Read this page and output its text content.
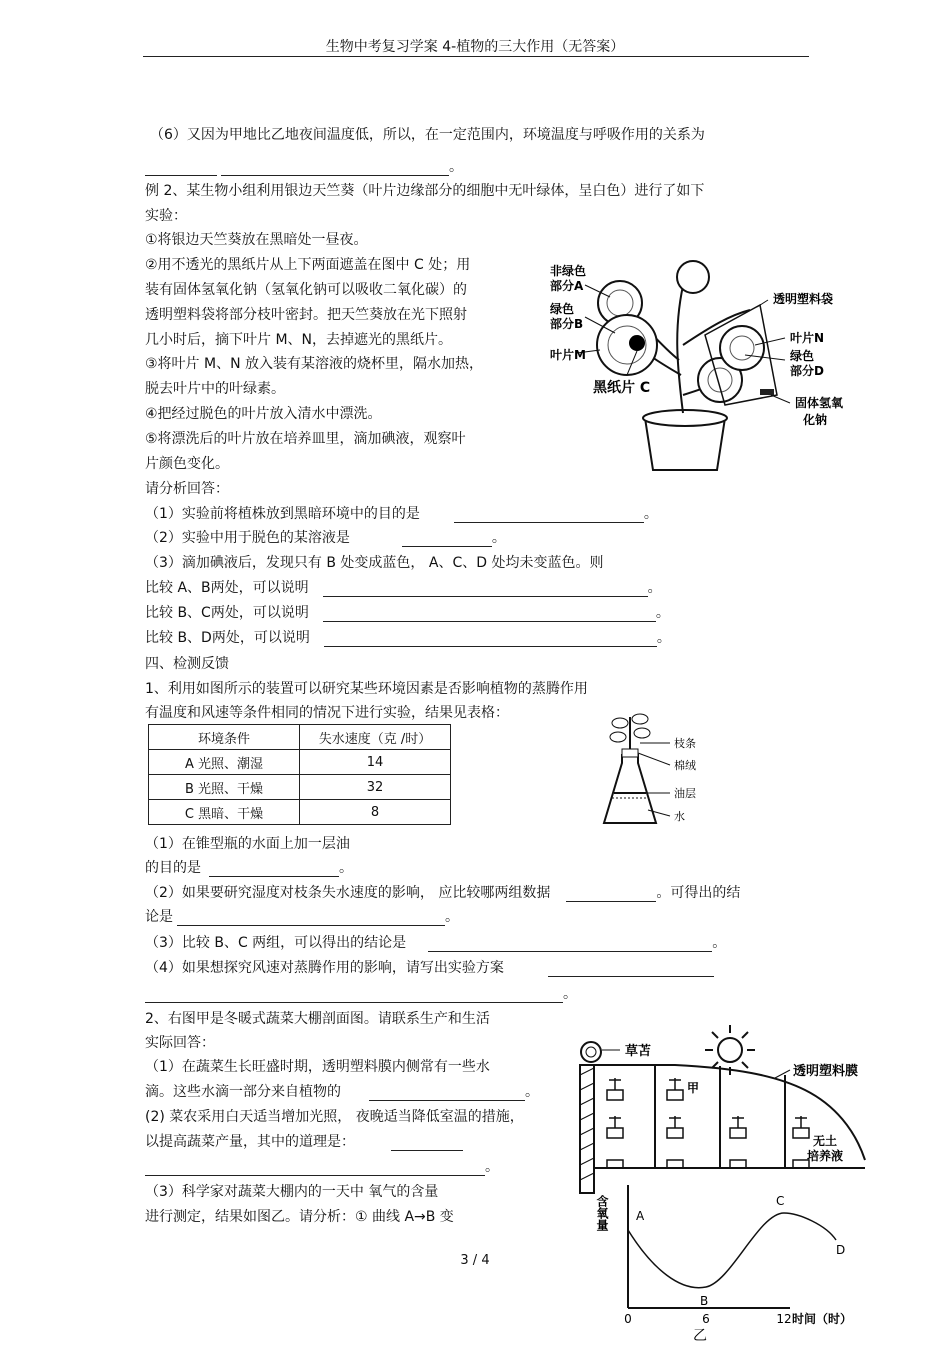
生物中考复习学案 4-植物的三大作用（无答案）
（6）又因为甲地比乙地夜间温度低，所以，在一定范围内，环境温度与呼吸作用的关系为
。
例 2、某生物小组利用银边天竺葵（叶片边缘部分的细胞中无叶绿体，呈白色）进行了如下
实验：
①将银边天竺葵放在黑暗处一昼夜。
②用不透光的黑纸片从上下两面遮盖在图中 C 处；用
装有固体氢氧化钠（氢氧化钠可以吸收二氧化碳）的
透明塑料袋将部分枝叶密封。把天竺葵放在光下照射
几小时后，摘下叶片 M、N，去掉遮光的黑纸片。
③将叶片 M、N 放入装有某溶液的烧杯里，隔水加热，
脱去叶片中的叶绿素。
④把经过脱色的叶片放入清水中漂洗。
⑤将漂洗后的叶片放在培养皿里，滴加碘液，观察叶
片颜色变化。
请分析回答：
（1）实验前将植株放到黑暗环境中的目的是	。
（2）实验中用于脱色的某溶液是	。
（3）滴加碘液后，发现只有 B 处变成蓝色， A、C、D 处均未变蓝色。则
比较 A、B两处，可以说明	。
比较 B、C两处，可以说明	。
比较 B、D两处，可以说明	。
非绿色
部分A
绿色
部分B
叶片M
黑纸片 C
透明塑料袋
叶片N
绿色
部分D
固体氢氧
化钠
四、检测反馈
1、利用如图所示的装置可以研究某些环境因素是否影响植物的蒸腾作用
有温度和风速等条件相同的情况下进行实验，结果见表格：
环境条件	失水速度（克 /时）
A 光照、潮湿	14
B 光照、干燥	32
C 黑暗、干燥	8
枝条
棉绒
油层
水
（1）在锥型瓶的水面上加一层油
的目的是	。
（2）如果要研究湿度对枝条失水速度的影响， 应比较哪两组数据	。可得出的结
论是	。
（3）比较 B、C 两组，可以得出的结论是	。
（4）如果想探究风速对蒸腾作用的影响，请写出实验方案
。
2、右图甲是冬暖式蔬菜大棚剖面图。请联系生产和生活
实际回答：
（1）在蔬菜生长旺盛时期，透明塑料膜内侧常有一些水
滴。这些水滴一部分来自植物的	。
(2) 菜农采用白天适当增加光照， 夜晚适当降低室温的措施，
以提高蔬菜产量，其中的道理是：
。
（3）科学家对蔬菜大棚内的一天中 氧气的含量
进行测定，结果如图乙。请分析：① 曲线 A→B 变
草苫
透明塑料膜
甲
无土
培养液
含氧量
时间（时）
0	6	12
A
B
C
D
乙
3 / 4
